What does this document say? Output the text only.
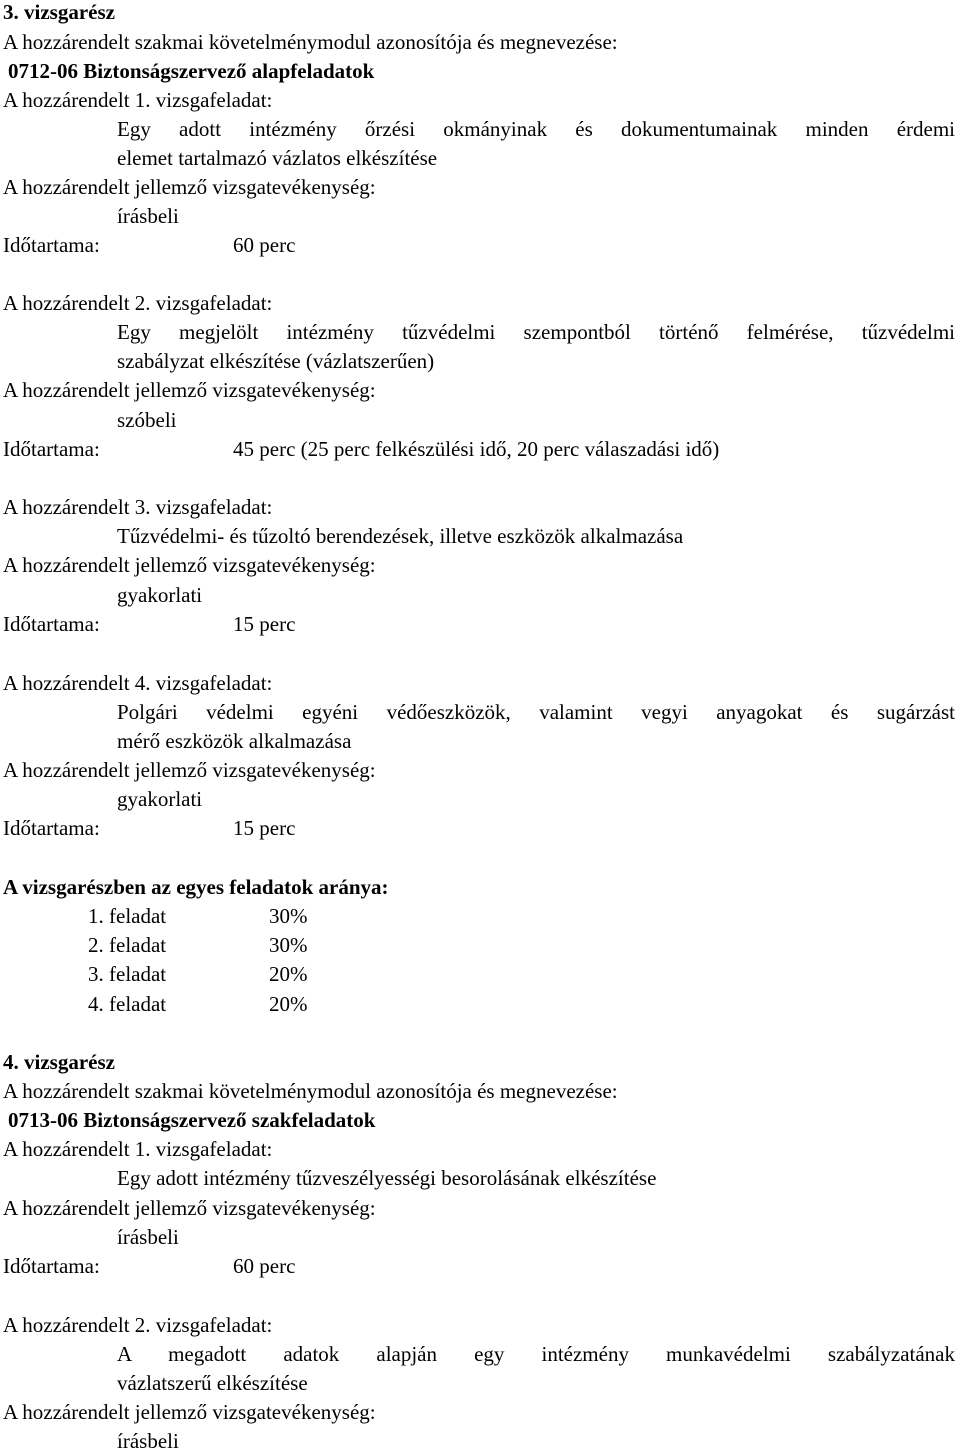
3. vizsgarész
A hozzárendelt szakmai követelménymodul azonosítója és megnevezése:
0712-06 Biztonságszervező alapfeladatok
A hozzárendelt 1. vizsgafeladat:
Egy adott intézmény őrzési okmányinak és dokumentumainak minden érdemi
elemet tartalmazó vázlatos elkészítése
A hozzárendelt jellemző vizsgatevékenység:
írásbeli
Időtartama:	60 perc
A hozzárendelt 2. vizsgafeladat:
Egy megjelölt intézmény tűzvédelmi szempontból történő felmérése, tűzvédelmi
szabályzat elkészítése (vázlatszerűen)
A hozzárendelt jellemző vizsgatevékenység:
szóbeli
Időtartama:	45 perc (25 perc felkészülési idő, 20 perc válaszadási idő)
A hozzárendelt 3. vizsgafeladat:
Tűzvédelmi- és tűzoltó berendezések, illetve eszközök alkalmazása
A hozzárendelt jellemző vizsgatevékenység:
gyakorlati
Időtartama:	15 perc
A hozzárendelt 4. vizsgafeladat:
Polgári védelmi egyéni védőeszközök, valamint vegyi anyagokat és sugárzást
mérő eszközök alkalmazása
A hozzárendelt jellemző vizsgatevékenység:
gyakorlati
Időtartama:	15 perc
A vizsgarészben az egyes feladatok aránya:
1. feladat	30%
2. feladat	30%
3. feladat	20%
4. feladat	20%
4. vizsgarész
A hozzárendelt szakmai követelménymodul azonosítója és megnevezése:
0713-06 Biztonságszervező szakfeladatok
A hozzárendelt 1. vizsgafeladat:
Egy adott intézmény tűzveszélyességi besorolásának elkészítése
A hozzárendelt jellemző vizsgatevékenység:
írásbeli
Időtartama:	60 perc
A hozzárendelt 2. vizsgafeladat:
A megadott adatok alapján egy intézmény munkavédelmi szabályzatának
vázlatszerű elkészítése
A hozzárendelt jellemző vizsgatevékenység:
írásbeli
